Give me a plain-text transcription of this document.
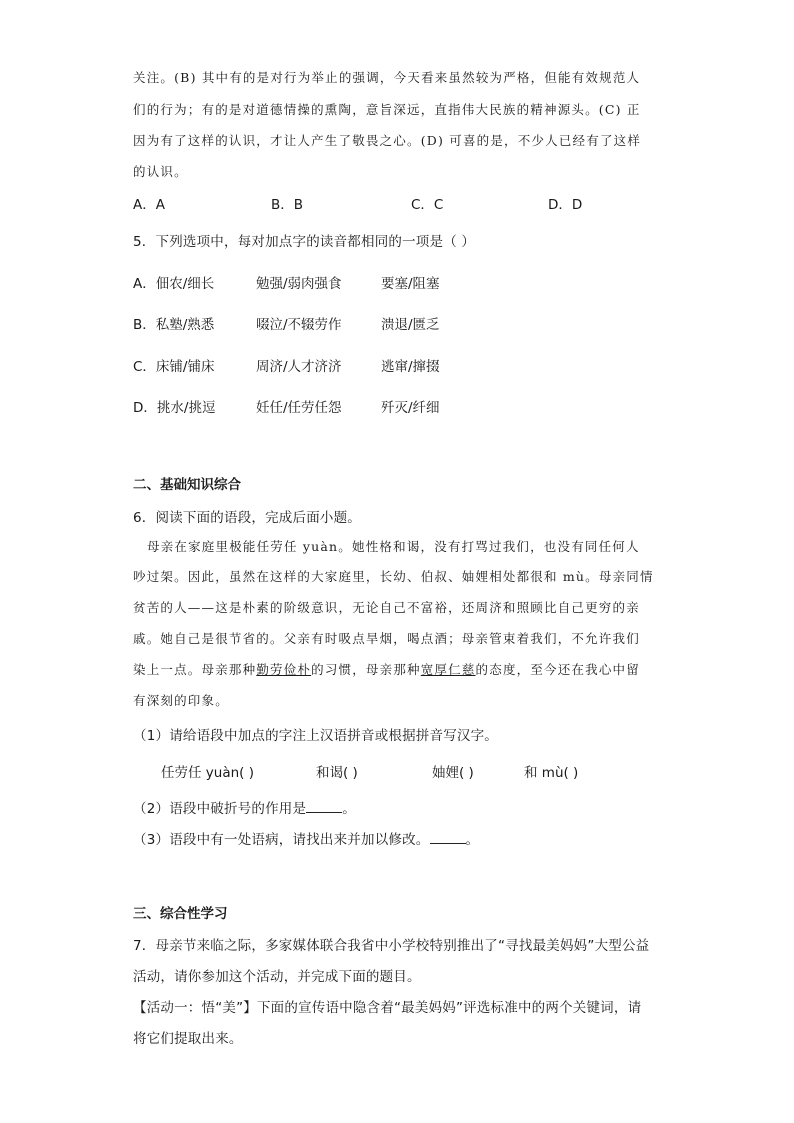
关注。(B) 其中有的是对行为举止的强调，今天看来虽然较为严格，但能有效规范人
们的行为；有的是对道德情操的熏陶，意旨深远，直指伟大民族的精神源头。(C) 正
因为有了这样的认识，才让人产生了敬畏之心。(D) 可喜的是，不少人已经有了这样
的认识。
A．A	B．B	C．C	D．D
5．下列选项中，每对加点字的读音都相同的一项是（ ）
A．佃农/细长	勉强/弱肉强食	要塞/阻塞
B．私塾/熟悉	啜泣/不辍劳作	溃退/匮乏
C．床铺/铺床	周济/人才济济	逃窜/撺掇
D．挑水/挑逗	妊任/任劳任怨	歼灭/纤细
二、基础知识综合
6．阅读下面的语段，完成后面小题。
母亲在家庭里极能任劳任 yuàn。她性格和谒，没有打骂过我们，也没有同任何人
吵过架。因此，虽然在这样的大家庭里，长幼、伯叔、妯娌相处都很和 mù。母亲同情
贫苦的人——这是朴素的阶级意识，无论自己不富裕，还周济和照顾比自己更穷的亲
戚。她自己是很节省的。父亲有时吸点旱烟，喝点酒；母亲管束着我们，不允许我们
染上一点。母亲那种勤劳俭朴的习惯，母亲那种宽厚仁慈的态度，至今还在我心中留
有深刻的印象。
（1）请给语段中加点的字注上汉语拼音或根据拼音写汉字。
任劳任 yuàn( )	和谒( )	妯娌( )	和 mù( )
（2）语段中破折号的作用是	。
（3）语段中有一处语病，请找出来并加以修改。	。
三、综合性学习
7．母亲节来临之际，多家媒体联合我省中小学校特别推出了“寻找最美妈妈”大型公益
活动，请你参加这个活动，并完成下面的题目。
【活动一：悟“美”】下面的宣传语中隐含着“最美妈妈”评选标准中的两个关键词，请
将它们提取出来。
